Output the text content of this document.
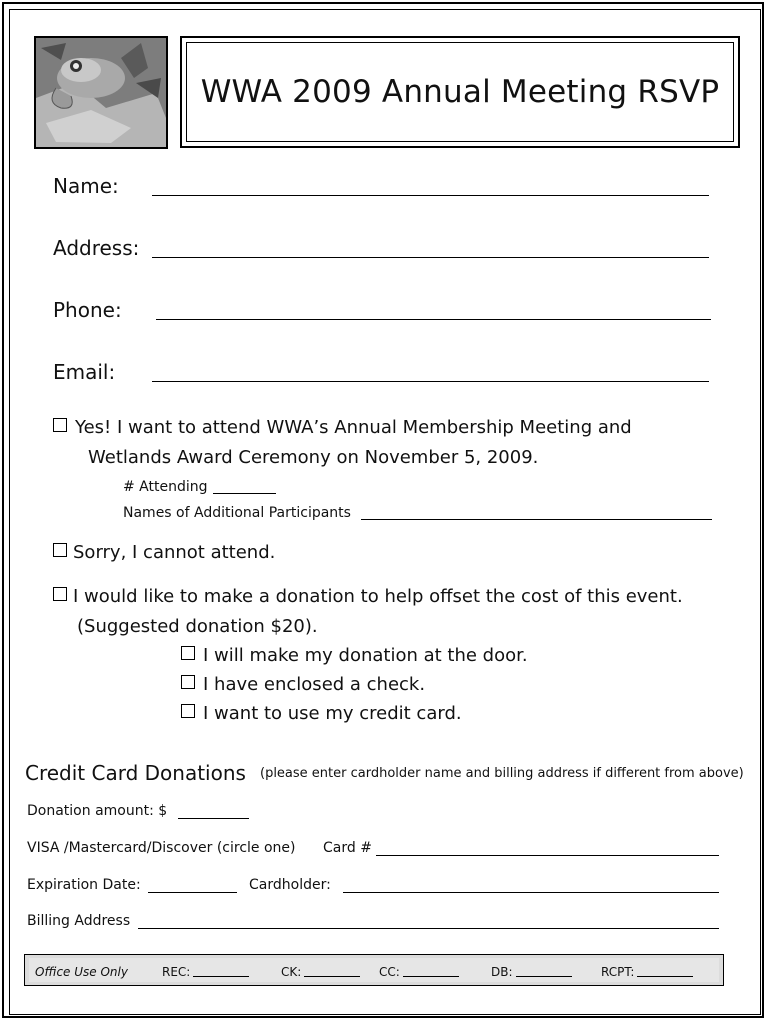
WWA 2009 Annual Meeting RSVP
Name:
Address:
Phone:
Email:
Yes! I want to attend WWA’s Annual Membership Meeting and
Wetlands Award Ceremony on November 5, 2009.
# Attending
Names of Additional Participants
Sorry, I cannot attend.
I would like to make a donation to help offset the cost of this event.
(Suggested donation $20).
I will make my donation at the door.
I have enclosed a check.
I want to use my credit card.
Credit Card Donations (please enter cardholder name and billing address if different from above)
Donation amount: $
VISA /Mastercard/Discover (circle one) Card #
Expiration Date:	Cardholder:
Billing Address
Office Use Only	REC:	CK:	CC:	DB:	RCPT:
